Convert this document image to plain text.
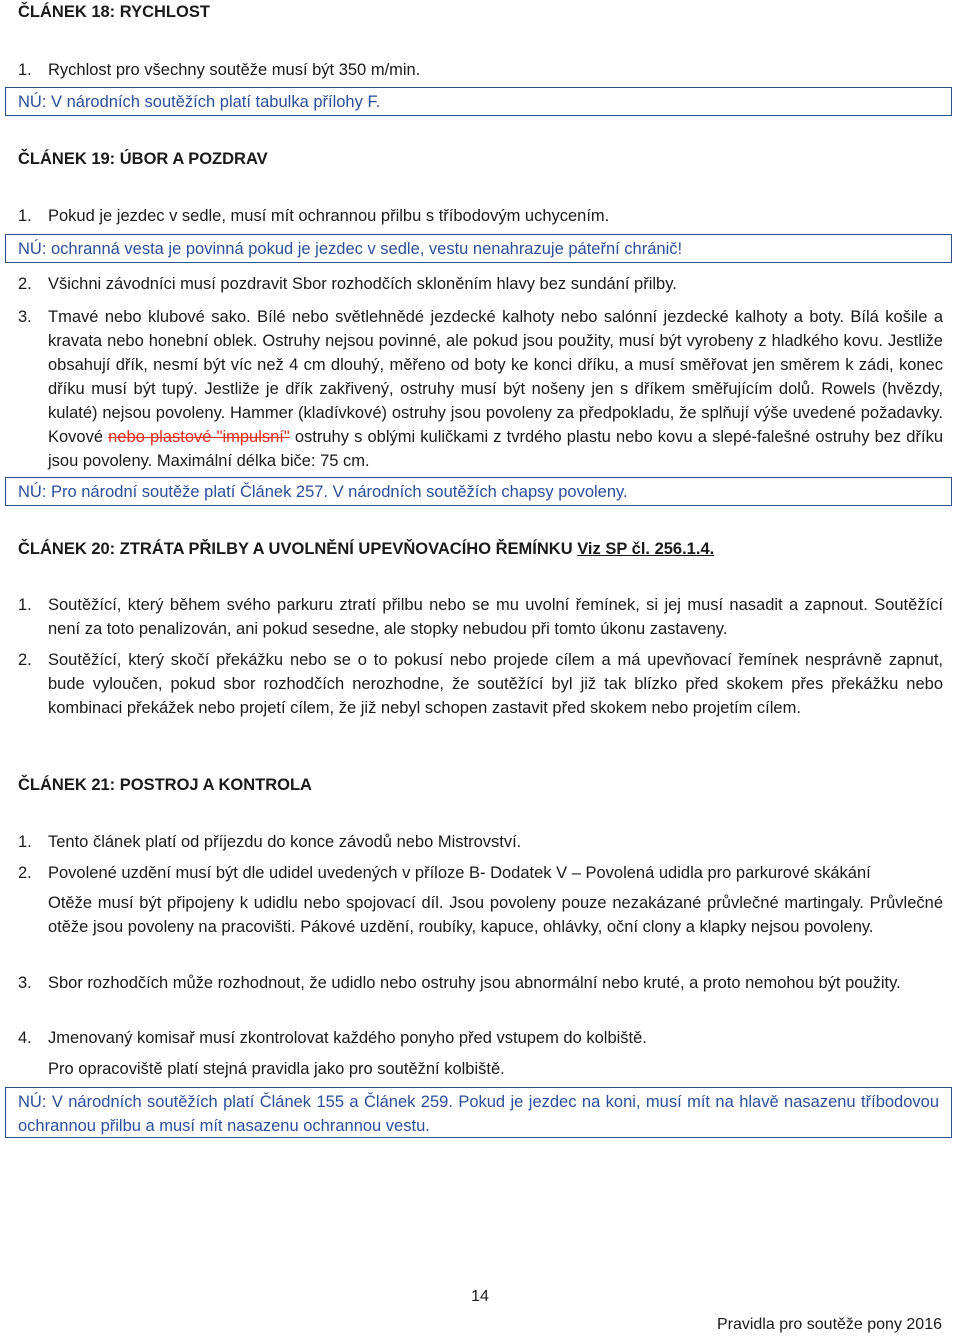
ČLÁNEK 18: RYCHLOST
1. Rychlost pro všechny soutěže musí být 350 m/min.
NÚ: V národních soutěžích platí tabulka přílohy F.
ČLÁNEK 19: ÚBOR A POZDRAV
1. Pokud je jezdec v sedle, musí mít ochrannou přilbu s tříbodovým uchycením.
NÚ: ochranná vesta je povinná pokud je jezdec v sedle, vestu nenahrazuje páteřní chránič!
2. Všichni závodníci musí pozdravit Sbor rozhodčích skloněním hlavy bez sundání přilby.
3. Tmavé nebo klubové sako. Bílé nebo světlehnědé jezdecké kalhoty nebo salónní jezdecké kalhoty a boty. Bílá košile a kravata nebo honební oblek. Ostruhy nejsou povinné, ale pokud jsou použity, musí být vyrobeny z hladkého kovu. Jestliže obsahují dřík, nesmí být víc než 4 cm dlouhý, měřeno od boty ke konci dříku, a musí směřovat jen směrem k zádi, konec dříku musí být tupý. Jestliže je dřík zakřivený, ostruhy musí být nošeny jen s dříkem směřujícím dolů. Rowels (hvězdy, kulaté) nejsou povoleny. Hammer (kladívkové) ostruhy jsou povoleny za předpokladu, že splňují výše uvedené požadavky. Kovové nebo plastové "impulsní" ostruhy s oblými kuličkami z tvrdého plastu nebo kovu a slepé-falešné ostruhy bez dříku jsou povoleny. Maximální délka biče: 75 cm.
NÚ: Pro národní soutěže platí Článek 257. V národních soutěžích chapsy povoleny.
ČLÁNEK 20: ZTRÁTA PŘILBY A UVOLNĚNÍ UPEVŇOVACÍHO ŘEMÍNKU Viz SP čl. 256.1.4.
1. Soutěžící, který během svého parkuru ztratí přilbu nebo se mu uvolní řemínek, si jej musí nasadit a zapnout. Soutěžící není za toto penalizován, ani pokud sesedne, ale stopky nebudou při tomto úkonu zastaveny.
2. Soutěžící, který skočí překážku nebo se o to pokusí nebo projede cílem a má upevňovací řemínek nesprávně zapnut, bude vyloučen, pokud sbor rozhodčích nerozhodne, že soutěžící byl již tak blízko před skokem přes překážku nebo kombinaci překážek nebo projetí cílem, že již nebyl schopen zastavit před skokem nebo projetím cílem.
ČLÁNEK 21: POSTROJ A KONTROLA
1. Tento článek platí od příjezdu do konce závodů nebo Mistrovství.
2. Povolené uzdění musí být dle udidel uvedených v příloze B- Dodatek V – Povolená udidla pro parkurové skákání
Otěže musí být připojeny k udidlu nebo spojovací díl. Jsou povoleny pouze nezakázané průvlečné martingaly. Průvlečné otěže jsou povoleny na pracovišti. Pákové uzdění, roubíky, kapuce, ohlávky, oční clony a klapky nejsou povoleny.
3. Sbor rozhodčích může rozhodnout, že udidlo nebo ostruhy jsou abnormální nebo kruté, a proto nemohou být použity.
4. Jmenovaný komisař musí zkontrolovat každého ponyho před vstupem do kolbiště.
Pro opracoviště platí stejná pravidla jako pro soutěžní kolbiště.
NÚ: V národních soutěžích platí Článek 155 a Článek 259. Pokud je jezdec na koni, musí mít na hlavě nasazenu tříbodovou ochrannou přilbu a musí mít nasazenu ochrannou vestu.
14
Pravidla pro soutěže pony 2016
